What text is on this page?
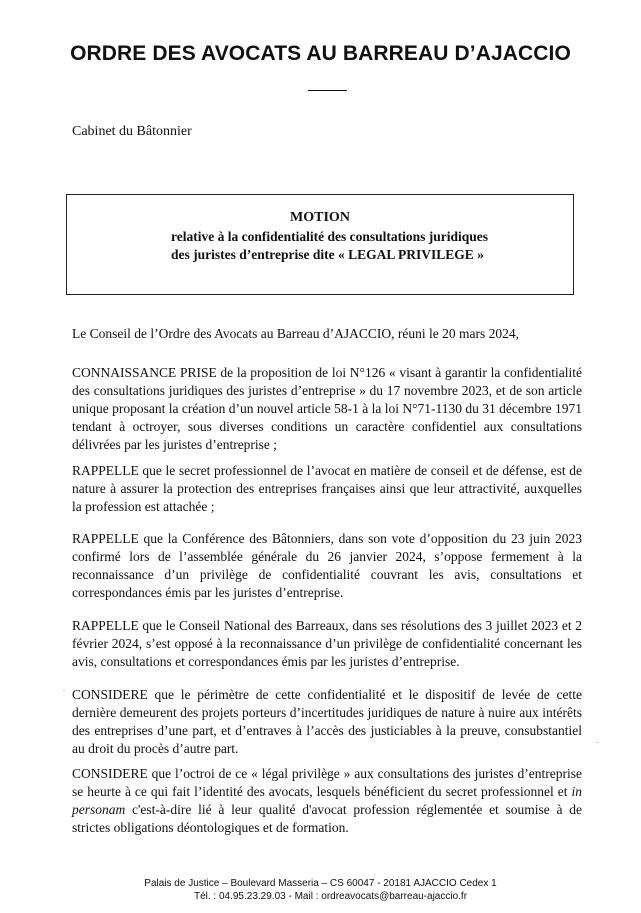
ORDRE DES AVOCATS AU BARREAU D’AJACCIO
Cabinet du Bâtonnier
MOTION
relative à la confidentialité des consultations juridiques
des juristes d’entreprise dite « LEGAL PRIVILEGE »

Le Conseil de l’Ordre des Avocats au Barreau d’AJACCIO, réuni le 20 mars 2024,

CONNAISSANCE PRISE de la proposition de loi N°126 « visant à garantir la confidentialité des consultations juridiques des juristes d’entreprise » du 17 novembre 2023, et de son article unique proposant la création d’un nouvel article 58-1 à la loi N°71-1130 du 31 décembre 1971 tendant à octroyer, sous diverses conditions un caractère confidentiel aux consultations délivrées par les juristes d’entreprise ;

RAPPELLE que le secret professionnel de l’avocat en matière de conseil et de défense, est de nature à assurer la protection des entreprises françaises ainsi que leur attractivité, auxquelles la profession est attachée ;

RAPPELLE que la Conférence des Bâtonniers, dans son vote d’opposition du 23 juin 2023 confirmé lors de l’assemblée générale du 26 janvier 2024, s’oppose fermement à la reconnaissance d’un privilège de confidentialité couvrant les avis, consultations et correspondances émis par les juristes d’entreprise.

RAPPELLE que le Conseil National des Barreaux, dans ses résolutions des 3 juillet 2023 et 2 février 2024, s’est opposé à la reconnaissance d’un privilège de confidentialité concernant les avis, consultations et correspondances émis par les juristes d’entreprise.

CONSIDERE que le périmètre de cette confidentialité et le dispositif de levée de cette dernière demeurent des projets porteurs d’incertitudes juridiques de nature à nuire aux intérêts des entreprises d’une part, et d’entraves à l’accès des justiciables à la preuve, consubstantiel au droit du procès d’autre part.

CONSIDERE que l’octroi de ce « légal privilège » aux consultations des juristes d’entreprise se heurte à ce qui fait l’identité des avocats, lesquels bénéficient du secret professionnel et in personam c'est-à-dire lié à leur qualité d'avocat profession réglementée et soumise à de strictes obligations déontologiques et de formation.

Palais de Justice – Boulevard Masseria – CS 60047 - 20181 AJACCIO Cedex 1
Tél. : 04.95.23.29.03 - Mail : ordreavocats@barreau-ajaccio.fr
.
.
